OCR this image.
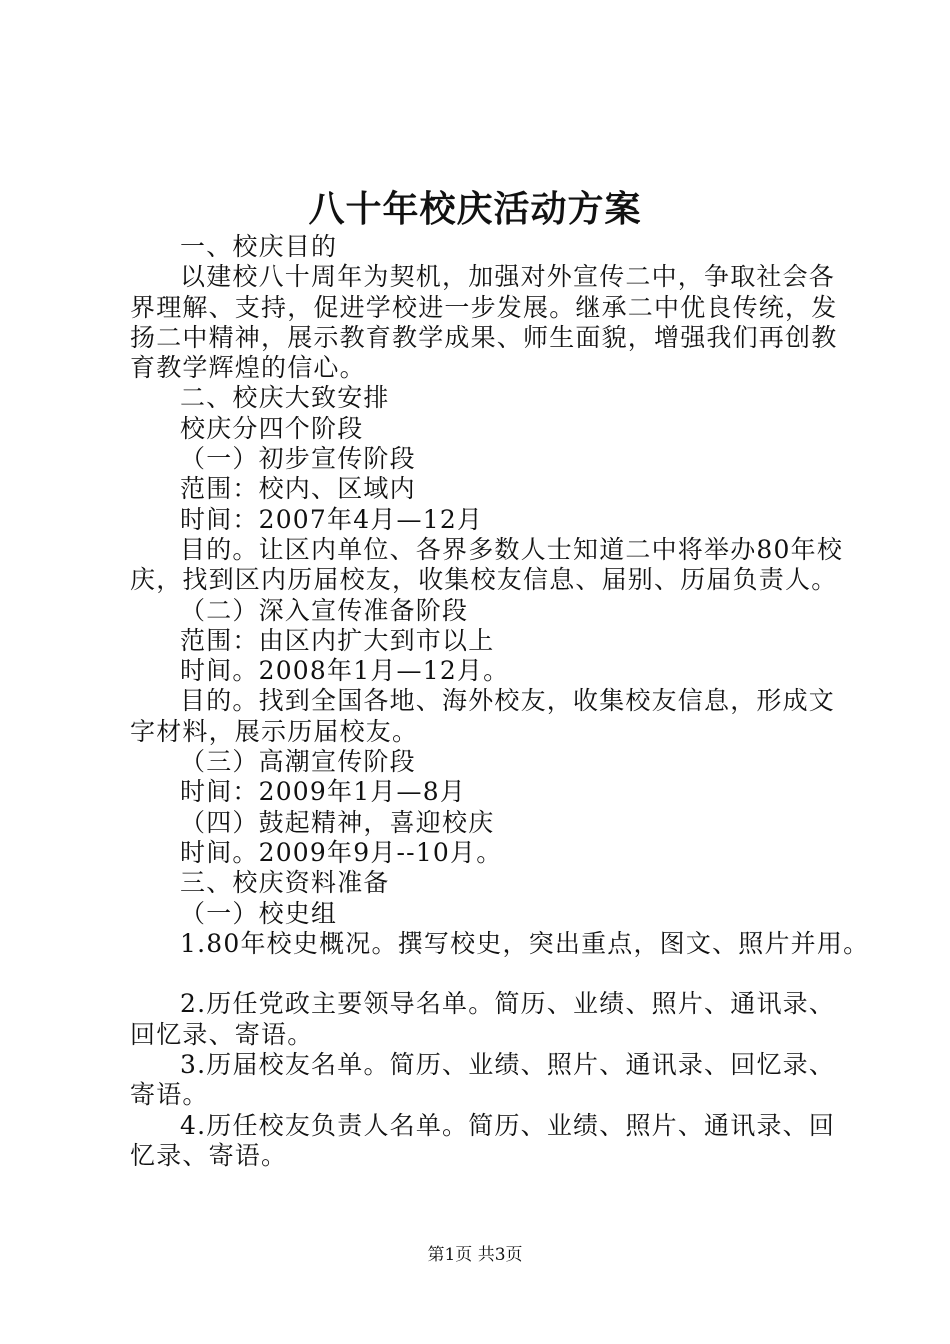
八十年校庆活动方案
一、校庆目的
以建校八十周年为契机，加强对外宣传二中，争取社会各
界理解、支持，促进学校进一步发展。继承二中优良传统，发
扬二中精神，展示教育教学成果、师生面貌，增强我们再创教
育教学辉煌的信心。
二、校庆大致安排
校庆分四个阶段
（一）初步宣传阶段
范围：校内、区域内
时间：2007年4月—12月
目的。让区内单位、各界多数人士知道二中将举办80年校
庆，找到区内历届校友，收集校友信息、届别、历届负责人。
（二）深入宣传准备阶段
范围：由区内扩大到市以上
时间。2008年1月—12月。
目的。找到全国各地、海外校友，收集校友信息，形成文
字材料，展示历届校友。
（三）高潮宣传阶段
时间：2009年1月—8月
（四）鼓起精神，喜迎校庆
时间。2009年9月--10月。
三、校庆资料准备
（一）校史组
1.80年校史概况。撰写校史，突出重点，图文、照片并用。
2.历任党政主要领导名单。简历、业绩、照片、通讯录、
回忆录、寄语。
3.历届校友名单。简历、业绩、照片、通讯录、回忆录、
寄语。
4.历任校友负责人名单。简历、业绩、照片、通讯录、回
忆录、寄语。
第1页 共3页
